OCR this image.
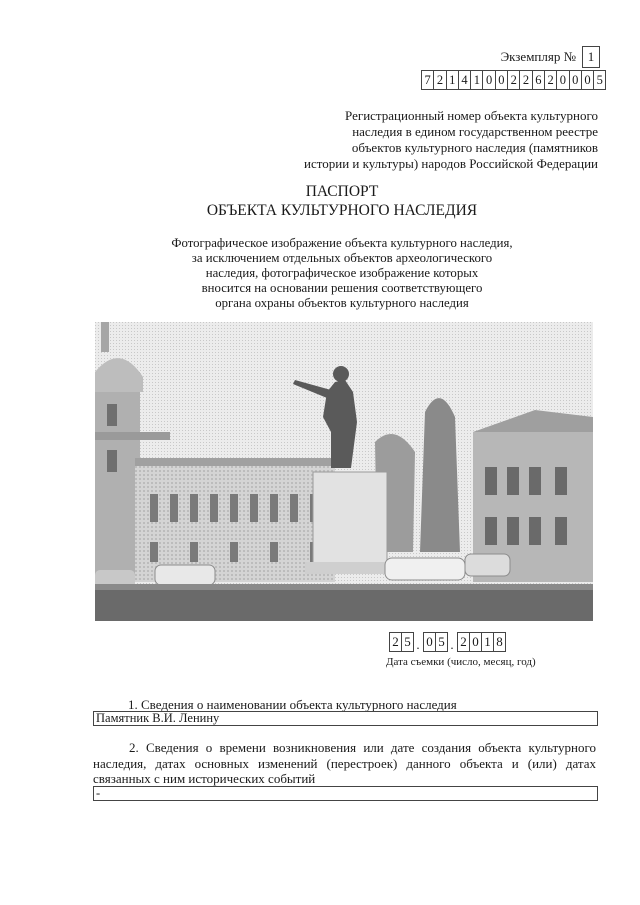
Экземпляр № 1
7 2 1 4 1 0 0 2 2 6 2 0 0 0 5
Регистрационный номер объекта культурного
наследия в едином государственном реестре
объектов культурного наследия (памятников
истории и культуры) народов Российской Федерации
ПАСПОРТ
ОБЪЕКТА КУЛЬТУРНОГО НАСЛЕДИЯ
Фотографическое изображение объекта культурного наследия,
за исключением отдельных объектов археологического
наследия, фотографическое изображение которых
вносится на основании решения соответствующего
органа охраны объектов культурного наследия
2 5 . 0 5 . 2 0 1 8
Дата съемки (число, месяц, год)
1. Сведения о наименовании объекта культурного наследия
Памятник В.И. Ленину
2. Сведения о времени возникновения или дате создания объекта культурного наследия, датах основных изменений (перестроек) данного объекта и (или) датах связанных с ним исторических событий
-
